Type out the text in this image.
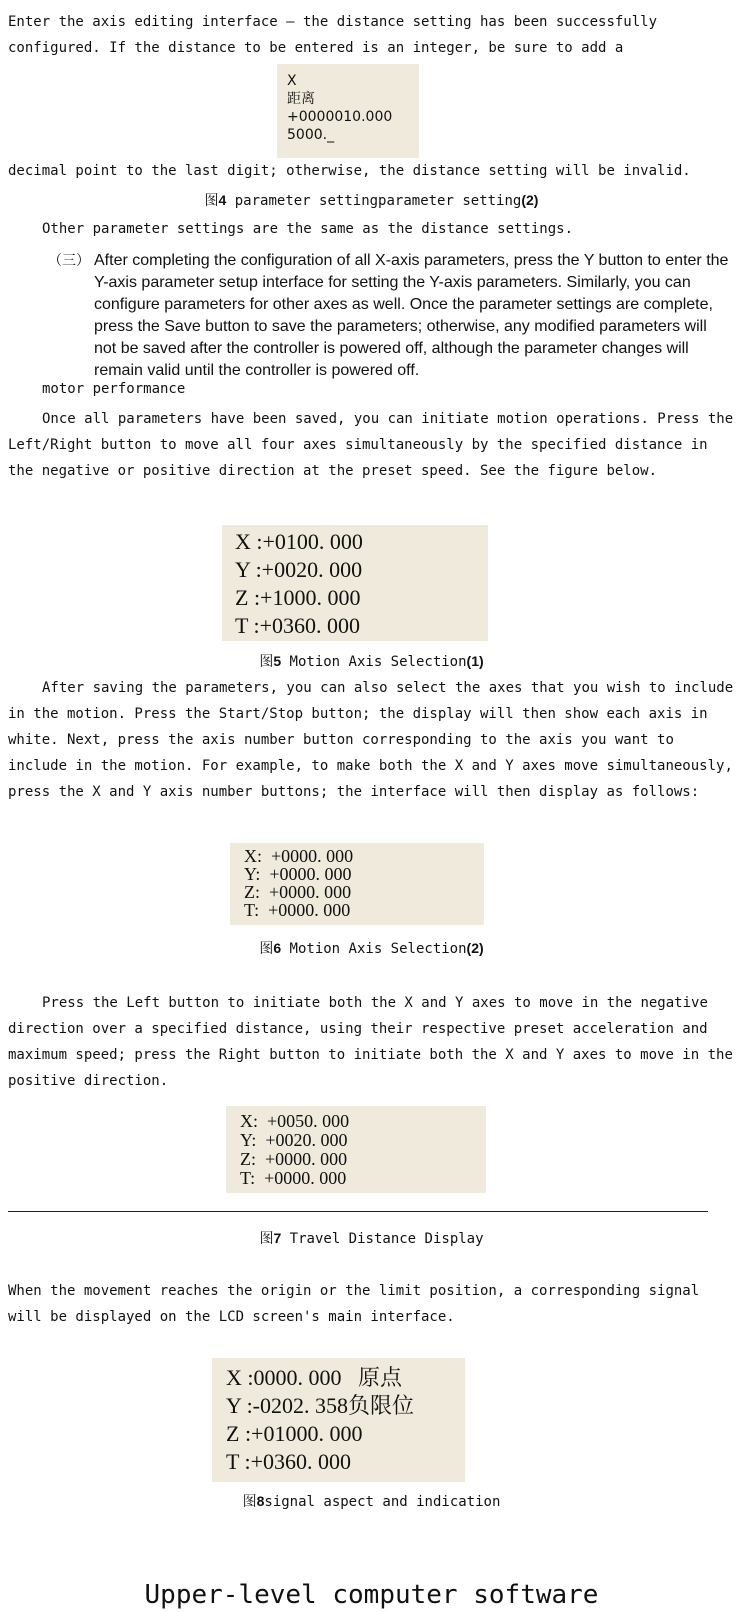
Enter the axis editing interface – the distance setting has been successfully configured. If the distance to be entered is an integer, be sure to add a

X
距离
+0000010.000
5000._

decimal point to the last digit; otherwise, the distance setting will be invalid.

图4 parameter settingparameter setting(2)

Other parameter settings are the same as the distance settings.

（三） After completing the configuration of all X-axis parameters, press the Y button to enter the Y-axis parameter setup interface for setting the Y-axis parameters. Similarly, you can configure parameters for other axes as well. Once the parameter settings are complete, press the Save button to save the parameters; otherwise, any modified parameters will not be saved after the controller is powered off, although the parameter changes will remain valid until the controller is powered off.

motor performance

Once all parameters have been saved, you can initiate motion operations. Press the Left/Right button to move all four axes simultaneously by the specified distance in the negative or positive direction at the preset speed. See the figure below.

X :+0100. 000
Y :+0020. 000
Z :+1000. 000
T :+0360. 000

图5 Motion Axis Selection(1)

After saving the parameters, you can also select the axes that you wish to include in the motion. Press the Start/Stop button; the display will then show each axis in white. Next, press the axis number button corresponding to the axis you want to include in the motion. For example, to make both the X and Y axes move simultaneously, press the X and Y axis number buttons; the interface will then display as follows:

X:  +0000. 000
Y:  +0000. 000
Z:  +0000. 000
T:  +0000. 000

图6 Motion Axis Selection(2)

Press the Left button to initiate both the X and Y axes to move in the negative direction over a specified distance, using their respective preset acceleration and maximum speed; press the Right button to initiate both the X and Y axes to move in the positive direction.

X:  +0050. 000
Y:  +0020. 000
Z:  +0000. 000
T:  +0000. 000

图7 Travel Distance Display

When the movement reaches the origin or the limit position, a corresponding signal will be displayed on the LCD screen's main interface.

X :0000. 000   原点
Y :-0202. 358负限位
Z :+01000. 000
T :+0360. 000

图8signal aspect and indication

Upper-level computer software
